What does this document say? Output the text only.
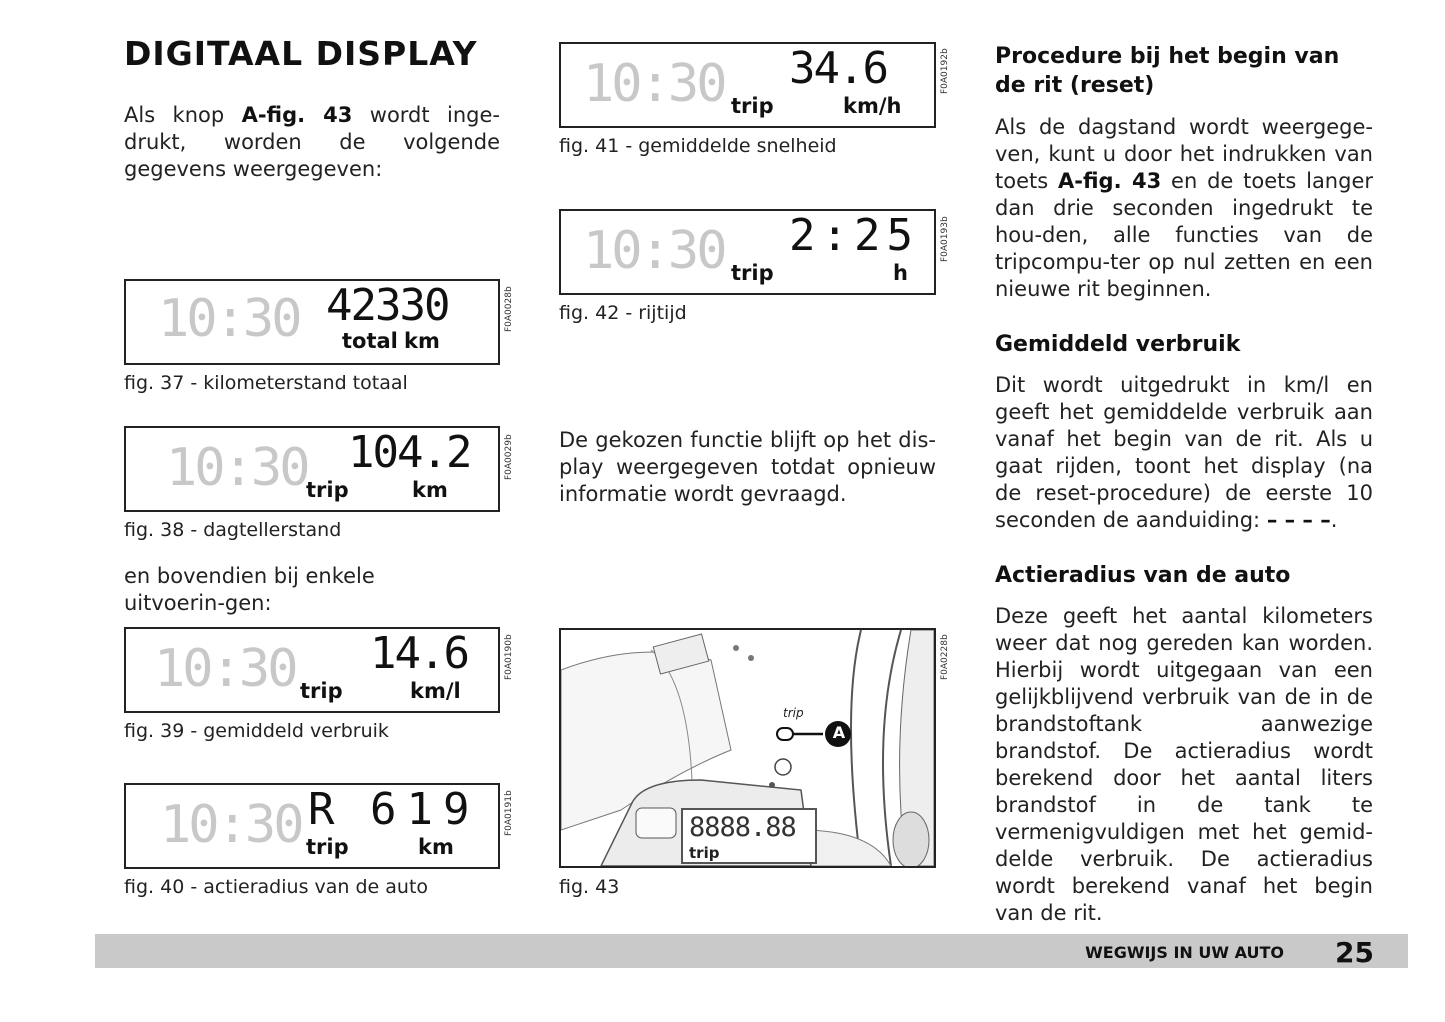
DIGITAAL DISPLAY
Als knop A-fig. 43 wordt inge-drukt, worden de volgende gegevens weergegeven:
10:30 42330
total km
F0A0028b
fig. 37 - kilometerstand totaal
10:30 104.2
trip	km
F0A0029b
fig. 38 - dagtellerstand
en bovendien bij enkele uitvoerin-gen:
10:30 14.6
trip	km/l
F0A0190b
fig. 39 - gemiddeld verbruik
10:30 R 619
trip	km
F0A0191b
fig. 40 - actieradius van de auto
10:30 34.6
trip	km/h
F0A0192b
fig. 41 - gemiddelde snelheid
10:30 2:25
trip	h
F0A0193b
fig. 42 - rijtijd
De gekozen functie blijft op het dis-play weergegeven totdat opnieuw informatie wordt gevraagd.
trip
A
8888.88
trip
F0A0228b
fig. 43
Procedure bij het begin van de rit (reset)
Als de dagstand wordt weergege-ven, kunt u door het indrukken van toets A-fig. 43 en de toets langer dan drie seconden ingedrukt te hou-den, alle functies van de tripcompu-ter op nul zetten en een nieuwe rit beginnen.
Gemiddeld verbruik
Dit wordt uitgedrukt in km/l en geeft het gemiddelde verbruik aan vanaf het begin van de rit. Als u gaat rijden, toont het display (na de reset-procedure) de eerste 10 seconden de aanduiding: – – – –.
Actieradius van de auto
Deze geeft het aantal kilometers weer dat nog gereden kan worden. Hierbij wordt uitgegaan van een gelijkblijvend verbruik van de in de brandstoftank aanwezige brandstof. De actieradius wordt berekend door het aantal liters brandstof in de tank te vermenigvuldigen met het gemid-delde verbruik. De actieradius wordt berekend vanaf het begin van de rit.
WEGWIJS IN UW AUTO 25
